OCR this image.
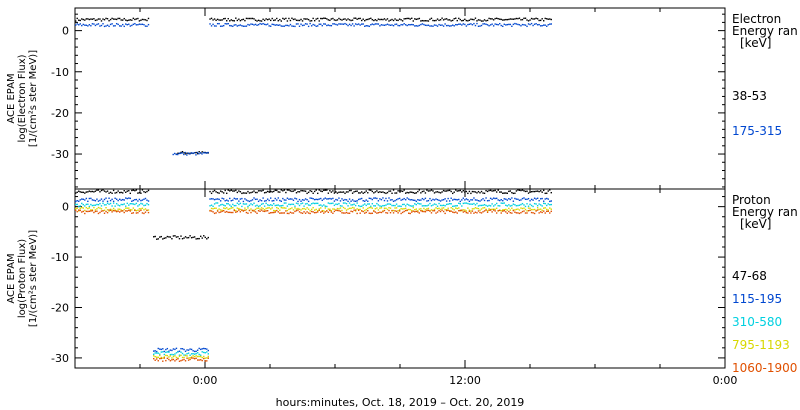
0
-10
-20
-30
ACE EPAM log(Electron Flux) [1/(cm²s ster MeV)]
Electron
Energy ran
[keV]
38-53
175-315
0
-10
-20
-30
ACE EPAM log(Proton Flux) [1/(cm²s ster MeV)]
Proton
Energy ran
[keV]
47-68
115-195
310-580
795-1193
1060-1900
0:00	12:00	0:00
hours:minutes, Oct. 18, 2019 – Oct. 20, 2019
